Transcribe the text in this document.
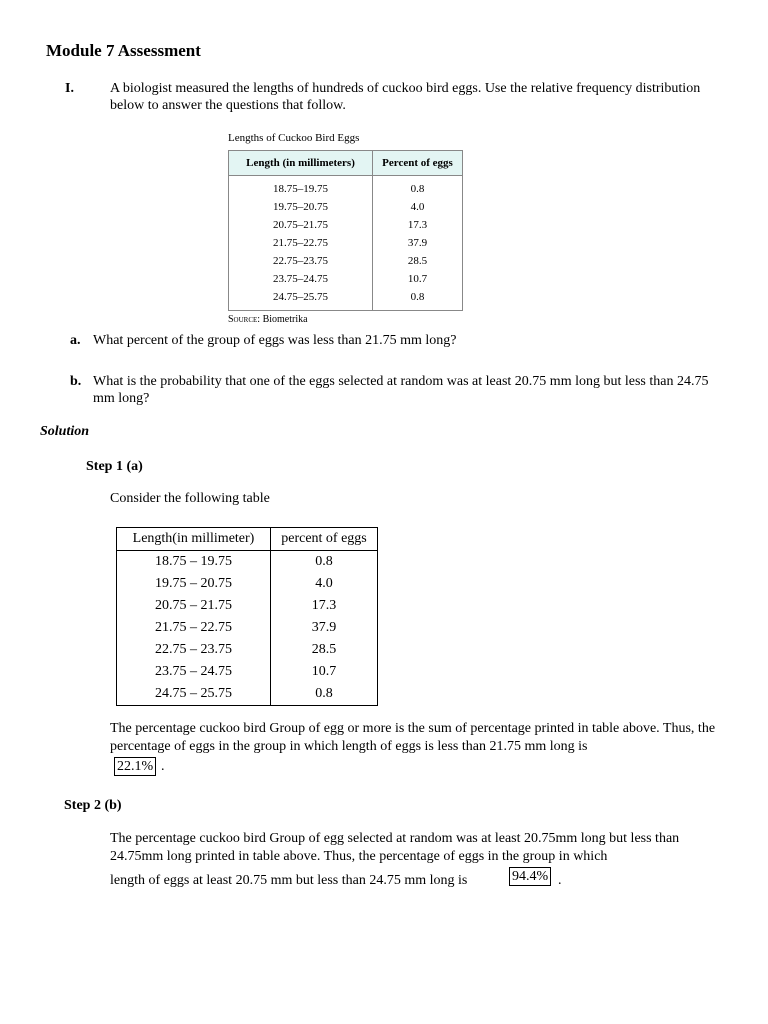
Module 7 Assessment
I.	A biologist measured the lengths of hundreds of cuckoo bird eggs. Use the relative frequency distribution below to answer the questions that follow.
Lengths of Cuckoo Bird Eggs
Length (in millimeters)	Percent of eggs
18.75–19.75	0.8
19.75–20.75	4.0
20.75–21.75	17.3
21.75–22.75	37.9
22.75–23.75	28.5
23.75–24.75	10.7
24.75–25.75	0.8
Source: Biometrika
a. What percent of the group of eggs was less than 21.75 mm long?
b. What is the probability that one of the eggs selected at random was at least 20.75 mm long but less than 24.75 mm long?
Solution
Step 1 (a)
Consider the following table
Length(in millimeter)	percent of eggs
18.75 – 19.75	0.8
19.75 – 20.75	4.0
20.75 – 21.75	17.3
21.75 – 22.75	37.9
22.75 – 23.75	28.5
23.75 – 24.75	10.7
24.75 – 25.75	0.8
The percentage cuckoo bird Group of egg or more is the sum of percentage printed in table above. Thus, the percentage of eggs in the group in which length of eggs is less than 21.75 mm long is
22.1% .
Step 2 (b)
The percentage cuckoo bird Group of egg selected at random was at least 20.75mm long but less than 24.75mm long printed in table above. Thus, the percentage of eggs in the group in which
length of eggs at least 20.75 mm but less than 24.75 mm long is	94.4% .
